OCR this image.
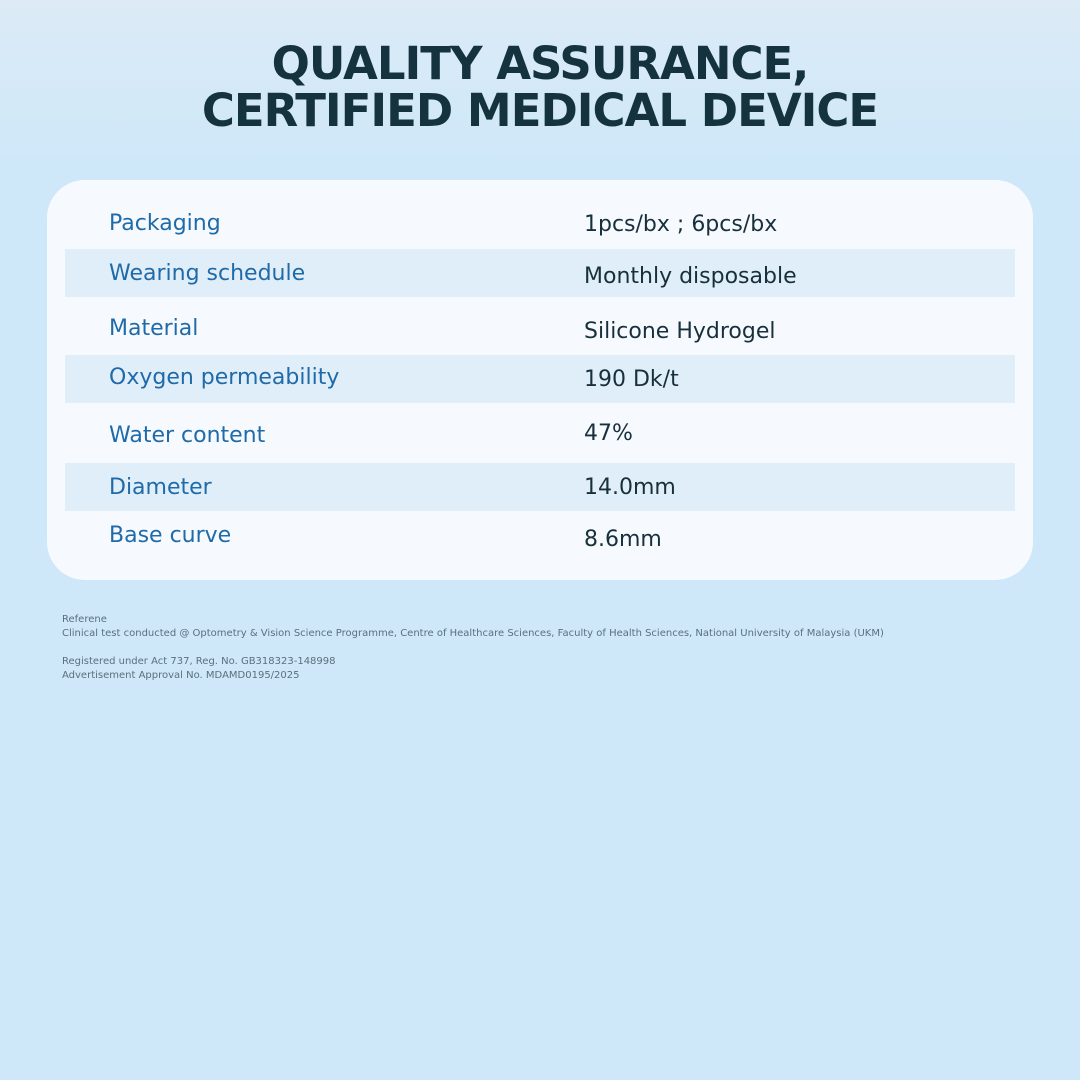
QUALITY ASSURANCE,
CERTIFIED MEDICAL DEVICE
Packaging	1pcs/bx ; 6pcs/bx
Wearing schedule	Monthly disposable
Material	Silicone Hydrogel
Oxygen permeability	190 Dk/t
Water content	47%
Diameter	14.0mm
Base curve	8.6mm

Referene

Clinical test conducted @ Optometry & Vision Science Programme, Centre of Healthcare Sciences, Faculty of Health Sciences, National University of Malaysia (UKM)

Registered under Act 737, Reg. No. GB318323-148998

Advertisement Approval No. MDAMD0195/2025
